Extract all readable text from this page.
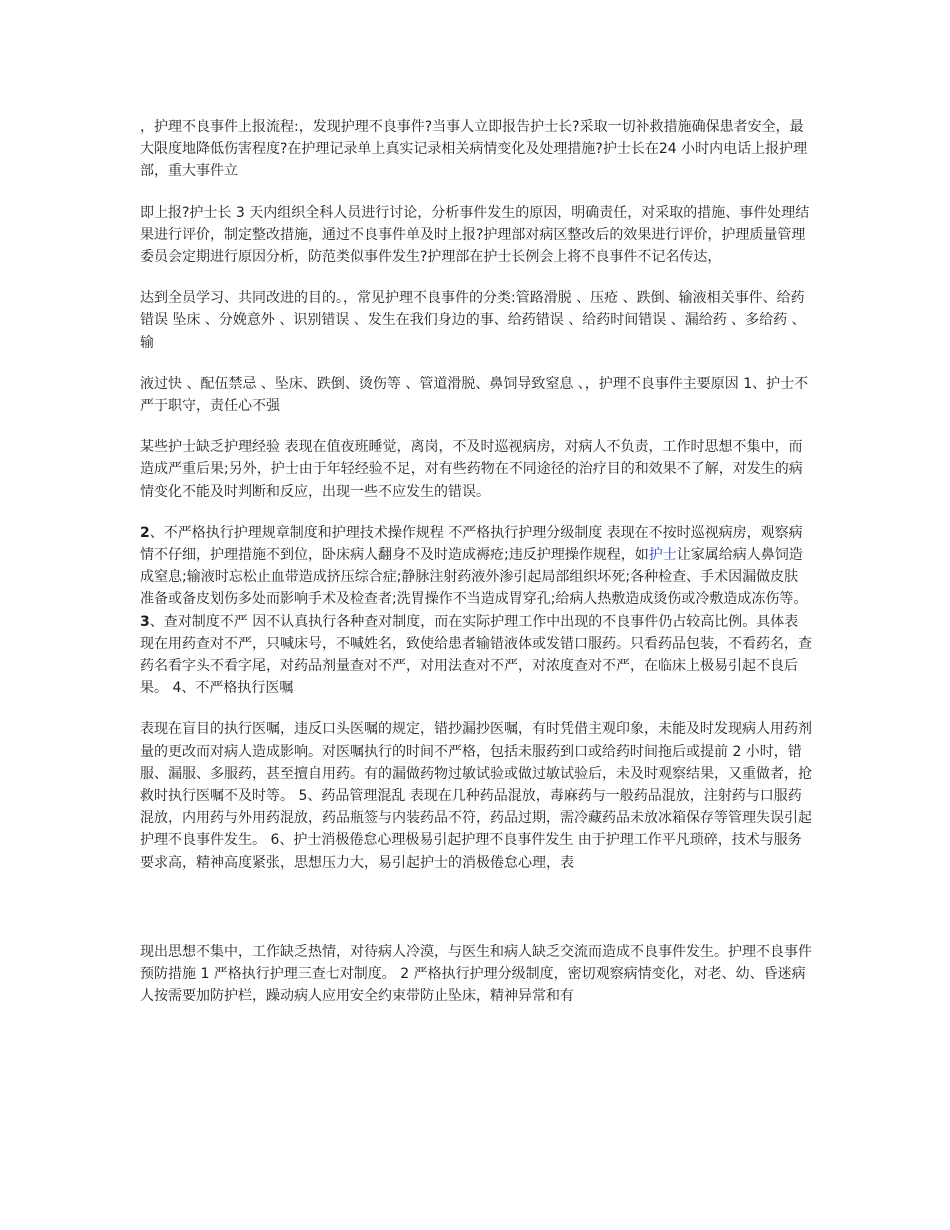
，护理不良事件上报流程:，发现护理不良事件?当事人立即报告护士长?采取一切补救措施确保患者安全，最大限度地降低伤害程度?在护理记录单上真实记录相关病情变化及处理措施?护士长在24 小时内电话上报护理部，重大事件立

即上报?护士长 3 天内组织全科人员进行讨论，分析事件发生的原因，明确责任，对采取的措施、事件处理结果进行评价，制定整改措施，通过不良事件单及时上报?护理部对病区整改后的效果进行评价，护理质量管理委员会定期进行原因分析，防范类似事件发生?护理部在护士长例会上将不良事件不记名传达，

达到全员学习、共同改进的目的。，常见护理不良事件的分类:管路滑脱 、压疮 、跌倒、输液相关事件、给药错误 坠床 、分娩意外 、识别错误 、发生在我们身边的事、给药错误 、给药时间错误 、漏给药 、多给药 、输

液过快 、配伍禁忌 、坠床、跌倒、烫伤等 、管道滑脱、鼻饲导致窒息 、，护理不良事件主要原因 1、护士不严于职守，责任心不强

某些护士缺乏护理经验 表现在值夜班睡觉，离岗，不及时巡视病房，对病人不负责，工作时思想不集中，而造成严重后果;另外，护士由于年轻经验不足，对有些药物在不同途径的治疗目的和效果不了解，对发生的病情变化不能及时判断和反应，出现一些不应发生的错误。

2、不严格执行护理规章制度和护理技术操作规程 不严格执行护理分级制度 表现在不按时巡视病房，观察病情不仔细，护理措施不到位，卧床病人翻身不及时造成褥疮;违反护理操作规程，如护士让家属给病人鼻饲造成窒息;输液时忘松止血带造成挤压综合症;静脉注射药液外渗引起局部组织坏死;各种检查、手术因漏做皮肤准备或备皮划伤多处而影响手术及检查者;洗胃操作不当造成胃穿孔;给病人热敷造成烫伤或冷敷造成冻伤等。 3、查对制度不严 因不认真执行各种查对制度，而在实际护理工作中出现的不良事件仍占较高比例。具体表现在用药查对不严，只喊床号，不喊姓名，致使给患者输错液体或发错口服药。只看药品包装，不看药名，查药名看字头不看字尾，对药品剂量查对不严，对用法查对不严，对浓度查对不严，在临床上极易引起不良后果。 4、不严格执行医嘱

表现在盲目的执行医嘱，违反口头医嘱的规定，错抄漏抄医嘱，有时凭借主观印象，未能及时发现病人用药剂量的更改而对病人造成影响。对医嘱执行的时间不严格，包括未服药到口或给药时间拖后或提前 2 小时，错服、漏服、多服药，甚至擅自用药。有的漏做药物过敏试验或做过敏试验后，未及时观察结果，又重做者，抢救时执行医嘱不及时等。 5、药品管理混乱 表现在几种药品混放，毒麻药与一般药品混放，注射药与口服药混放，内用药与外用药混放，药品瓶签与内装药品不符，药品过期，需冷藏药品未放冰箱保存等管理失误引起护理不良事件发生。 6、护士消极倦怠心理极易引起护理不良事件发生 由于护理工作平凡琐碎，技术与服务要求高，精神高度紧张，思想压力大，易引起护士的消极倦怠心理，表

现出思想不集中，工作缺乏热情，对待病人冷漠，与医生和病人缺乏交流而造成不良事件发生。护理不良事件预防措施 1 严格执行护理三查七对制度。 2 严格执行护理分级制度，密切观察病情变化，对老、幼、昏迷病人按需要加防护栏，躁动病人应用安全约束带防止坠床，精神异常和有
